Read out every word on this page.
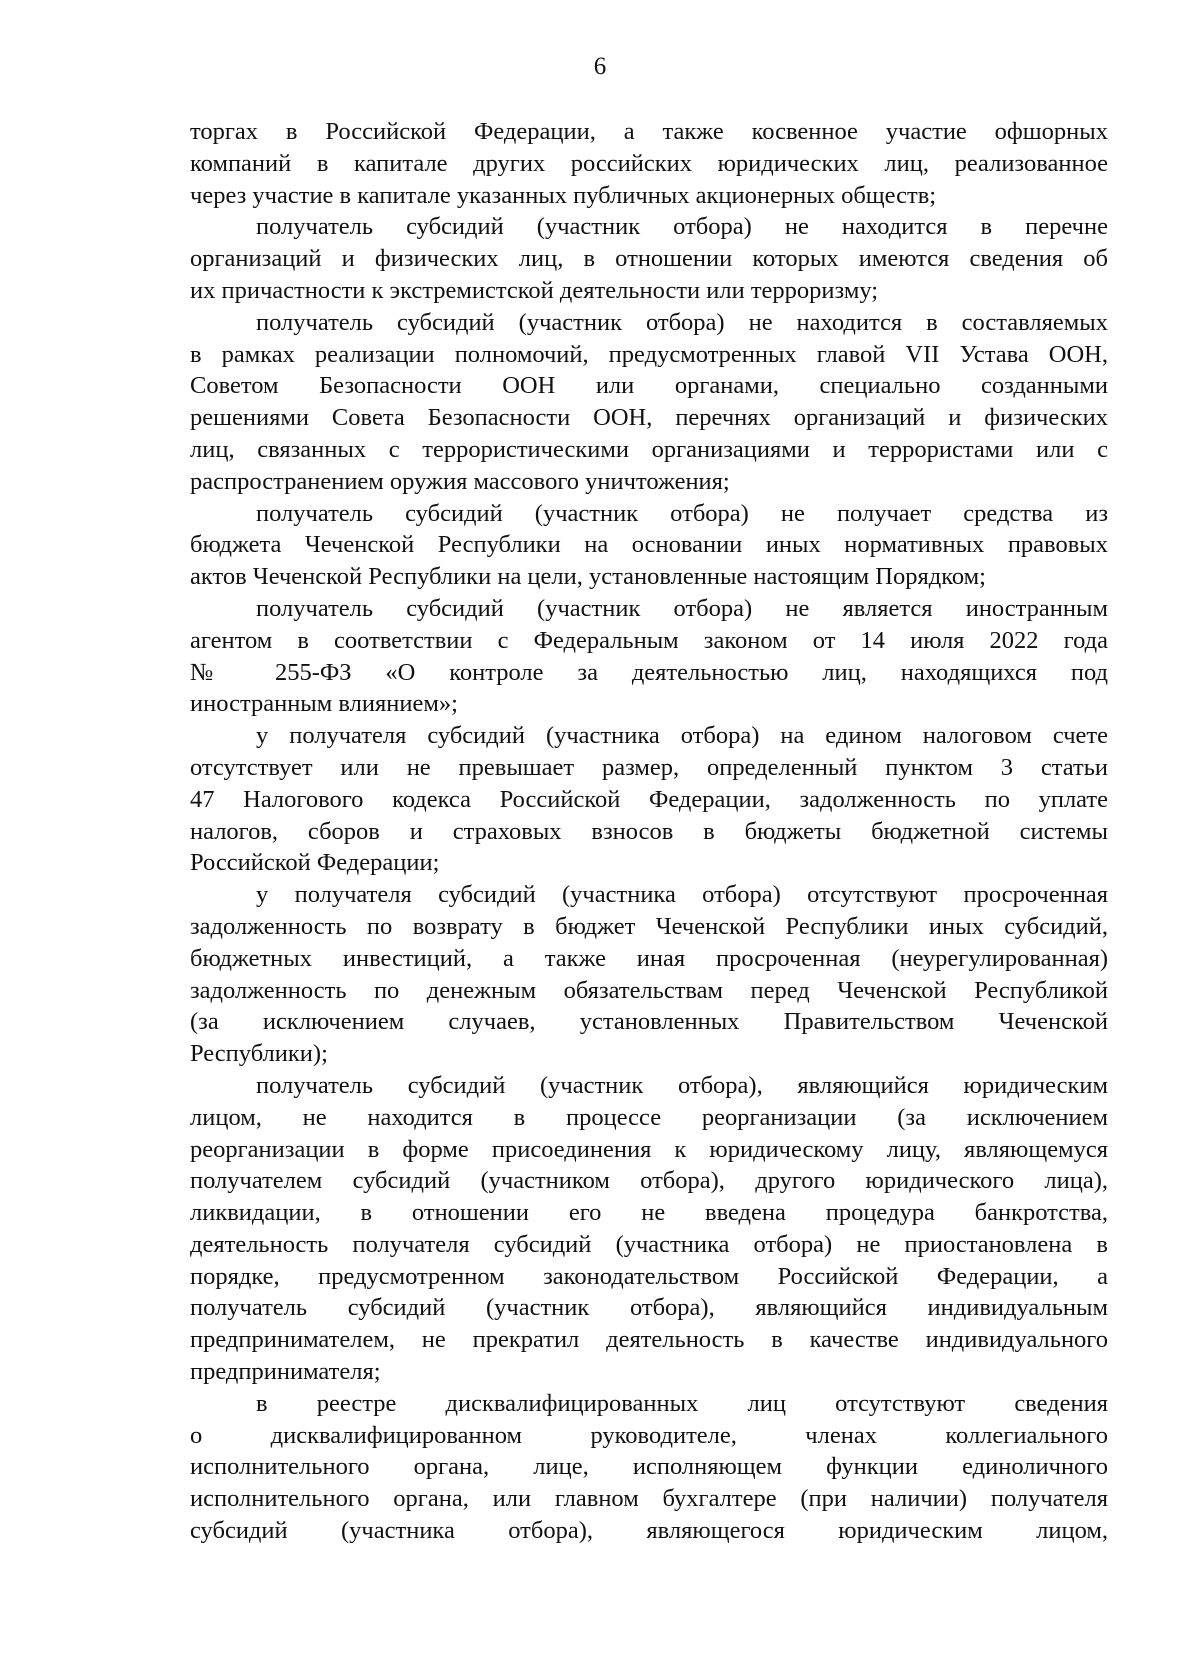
6
торгах в Российской Федерации, а также косвенное участие офшорных
компаний в капитале других российских юридических лиц, реализованное
через участие в капитале указанных публичных акционерных обществ;
получатель субсидий (участник отбора) не находится в перечне
организаций и физических лиц, в отношении которых имеются сведения об
их причастности к экстремистской деятельности или терроризму;
получатель субсидий (участник отбора) не находится в составляемых
в рамках реализации полномочий, предусмотренных главой VII Устава ООН,
Советом Безопасности ООН или органами, специально созданными
решениями Совета Безопасности ООН, перечнях организаций и физических
лиц, связанных с террористическими организациями и террористами или с
распространением оружия массового уничтожения;
получатель субсидий (участник отбора) не получает средства из
бюджета Чеченской Республики на основании иных нормативных правовых
актов Чеченской Республики на цели, установленные настоящим Порядком;
получатель субсидий (участник отбора) не является иностранным
агентом в соответствии с Федеральным законом от 14 июля 2022 года
№ 255-ФЗ «О контроле за деятельностью лиц, находящихся под
иностранным влиянием»;
у получателя субсидий (участника отбора) на едином налоговом счете
отсутствует или не превышает размер, определенный пунктом 3 статьи
47 Налогового кодекса Российской Федерации, задолженность по уплате
налогов, сборов и страховых взносов в бюджеты бюджетной системы
Российской Федерации;
у получателя субсидий (участника отбора) отсутствуют просроченная
задолженность по возврату в бюджет Чеченской Республики иных субсидий,
бюджетных инвестиций, а также иная просроченная (неурегулированная)
задолженность по денежным обязательствам перед Чеченской Республикой
(за исключением случаев, установленных Правительством Чеченской
Республики);
получатель субсидий (участник отбора), являющийся юридическим
лицом, не находится в процессе реорганизации (за исключением
реорганизации в форме присоединения к юридическому лицу, являющемуся
получателем субсидий (участником отбора), другого юридического лица),
ликвидации, в отношении его не введена процедура банкротства,
деятельность получателя субсидий (участника отбора) не приостановлена в
порядке, предусмотренном законодательством Российской Федерации, а
получатель субсидий (участник отбора), являющийся индивидуальным
предпринимателем, не прекратил деятельность в качестве индивидуального
предпринимателя;
в реестре дисквалифицированных лиц отсутствуют сведения
о дисквалифицированном руководителе, членах коллегиального
исполнительного органа, лице, исполняющем функции единоличного
исполнительного органа, или главном бухгалтере (при наличии) получателя
субсидий (участника отбора), являющегося юридическим лицом,
